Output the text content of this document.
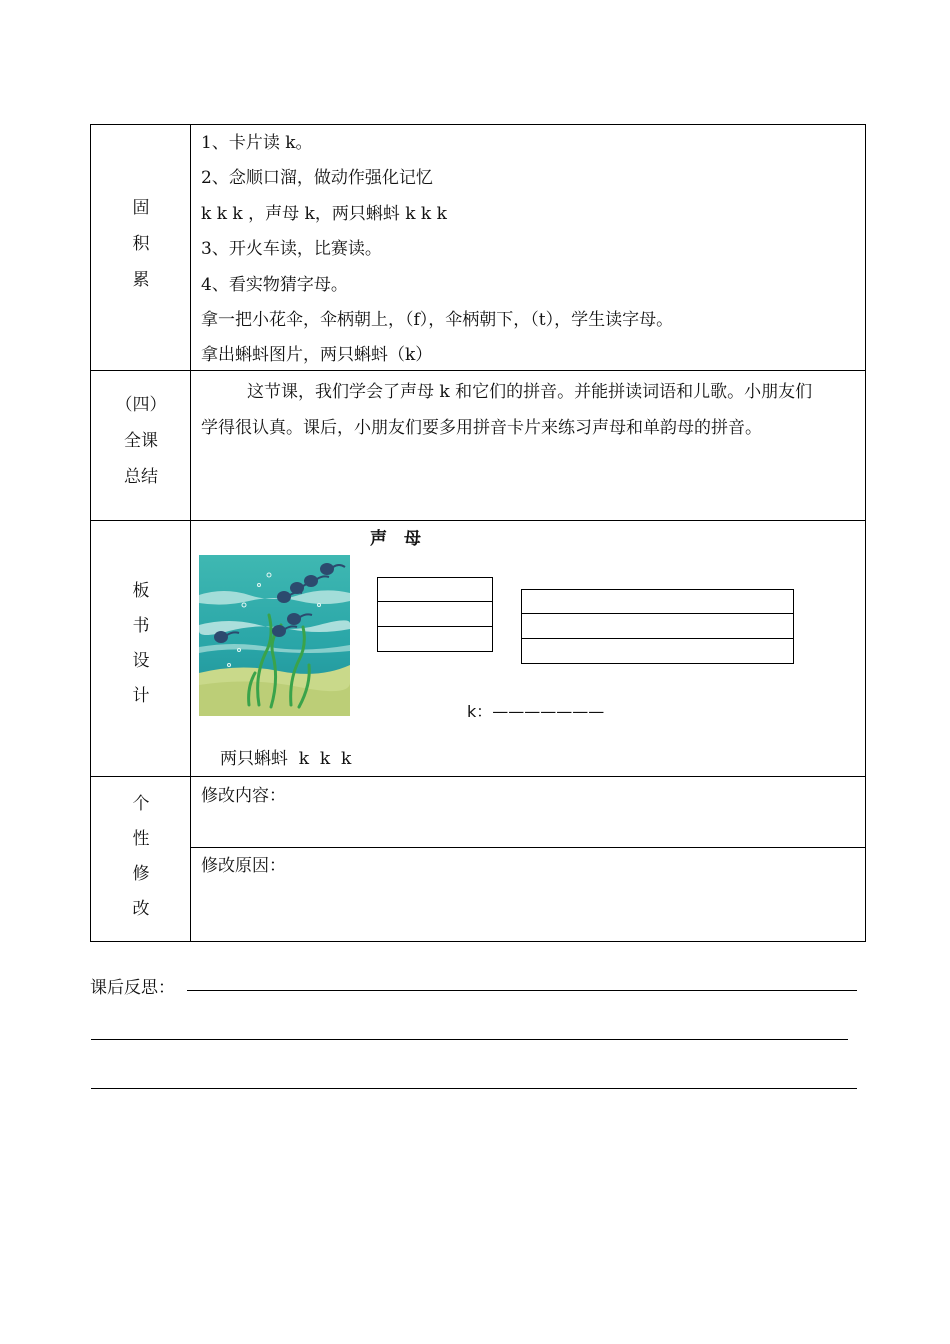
固
积
累
1、卡片读 k。
2、念顺口溜，做动作强化记忆
k k k ，声母 k，两只蝌蚪 k k k
3、开火车读，比赛读。
4、看实物猜字母。
拿一把小花伞，伞柄朝上，（f），伞柄朝下，（t），学生读字母。
拿出蝌蚪图片，两只蝌蚪（k）
（四）
全课
总结
这节课，我们学会了声母 k 和它们的拼音。并能拼读词语和儿歌。小朋友们
学得很认真。课后，小朋友们要多用拼音卡片来练习声母和单韵母的拼音。
板
书
设
计
声　母
两只蝌蚪  k  k  k
k：———————
个
性
修
改
修改内容：
修改原因：
课后反思：
